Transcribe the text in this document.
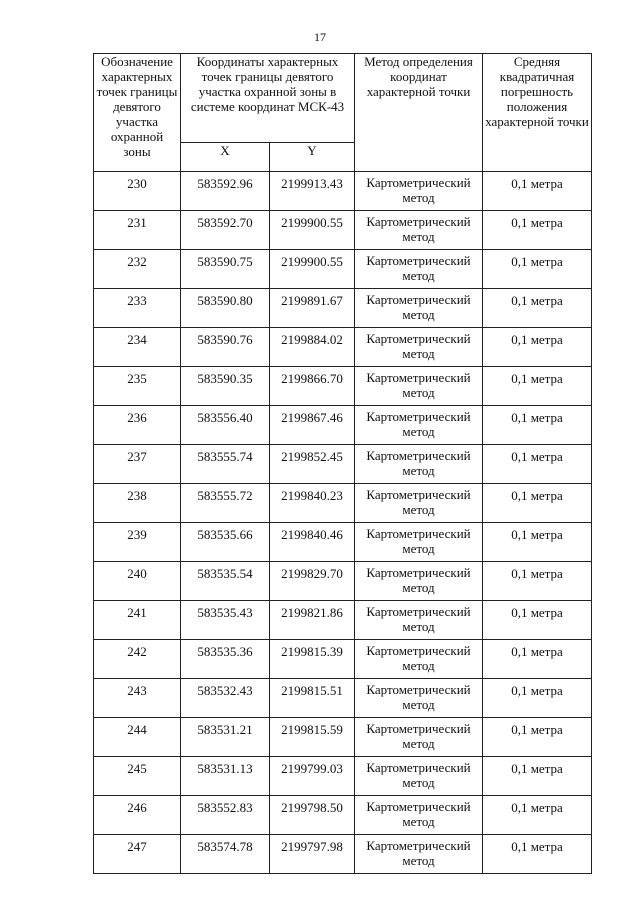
17
Обозначение характерных точек границы девятого участка охранной зоны	Координаты характерных точек границы девятого участка охранной зоны в системе координат МСК-43		Метод определения координат характерной точки	Средняя квадратичная погрешность положения характерной точки

	X	Y		
230	583592.96	2199913.43	Картометрический метод	0,1 метра
231	583592.70	2199900.55	Картометрический метод	0,1 метра
232	583590.75	2199900.55	Картометрический метод	0,1 метра
233	583590.80	2199891.67	Картометрический метод	0,1 метра
234	583590.76	2199884.02	Картометрический метод	0,1 метра
235	583590.35	2199866.70	Картометрический метод	0,1 метра
236	583556.40	2199867.46	Картометрический метод	0,1 метра
237	583555.74	2199852.45	Картометрический метод	0,1 метра
238	583555.72	2199840.23	Картометрический метод	0,1 метра
239	583535.66	2199840.46	Картометрический метод	0,1 метра
240	583535.54	2199829.70	Картометрический метод	0,1 метра
241	583535.43	2199821.86	Картометрический метод	0,1 метра
242	583535.36	2199815.39	Картометрический метод	0,1 метра
243	583532.43	2199815.51	Картометрический метод	0,1 метра
244	583531.21	2199815.59	Картометрический метод	0,1 метра
245	583531.13	2199799.03	Картометрический метод	0,1 метра
246	583552.83	2199798.50	Картометрический метод	0,1 метра
247	583574.78	2199797.98	Картометрический метод	0,1 метра
